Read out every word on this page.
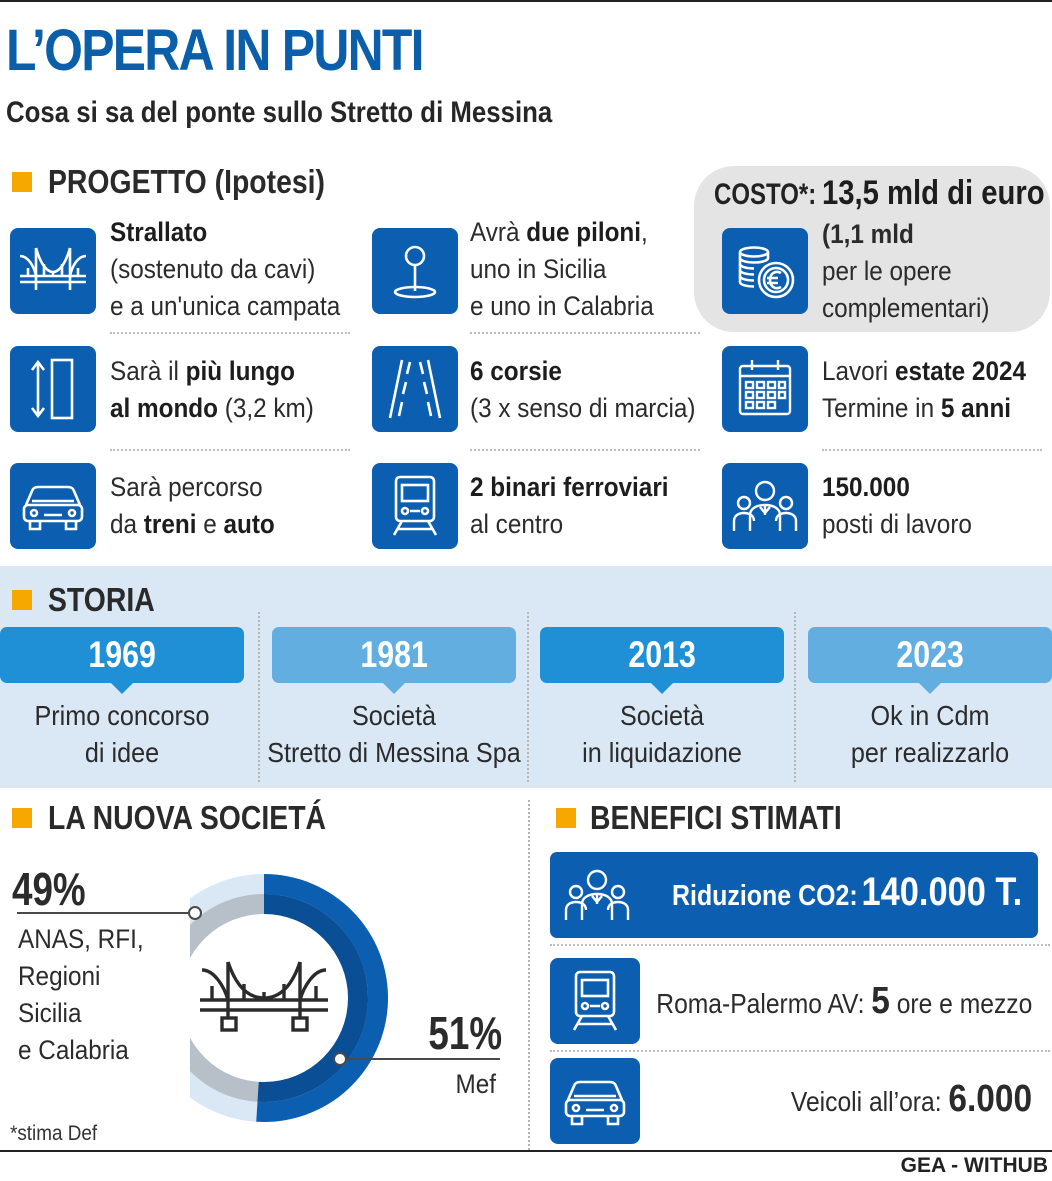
L’OPERA IN PUNTI
Cosa si sa del ponte sullo Stretto di Messina
PROGETTO (Ipotesi)	COSTO*: 13,5 mld di euro
(1,1 mld
per le opere
complementari)
Strallato
(sostenuto da cavi)
e a un'unica campata
Avrà due piloni,
uno in Sicilia
e uno in Calabria
Sarà il più lungo
al mondo (3,2 km)
6 corsie
(3 x senso di marcia)
Lavori estate 2024
Termine in 5 anni
Sarà percorso
da treni e auto
2 binari ferroviari
al centro
150.000
posti di lavoro
STORIA
1969	1981	2013	2023
Primo concorso
di idee
Società
Stretto di Messina Spa
Società
in liquidazione
Ok in Cdm
per realizzarlo
LA NUOVA SOCIETÁ
49%
ANAS, RFI,
Regioni
Sicilia
e Calabria	51%
Mef
*stima Def
BENEFICI STIMATI
Riduzione CO2: 140.000 T.
Roma-Palermo AV: 5 ore e mezzo
Veicoli all’ora: 6.000
GEA - WITHUB
